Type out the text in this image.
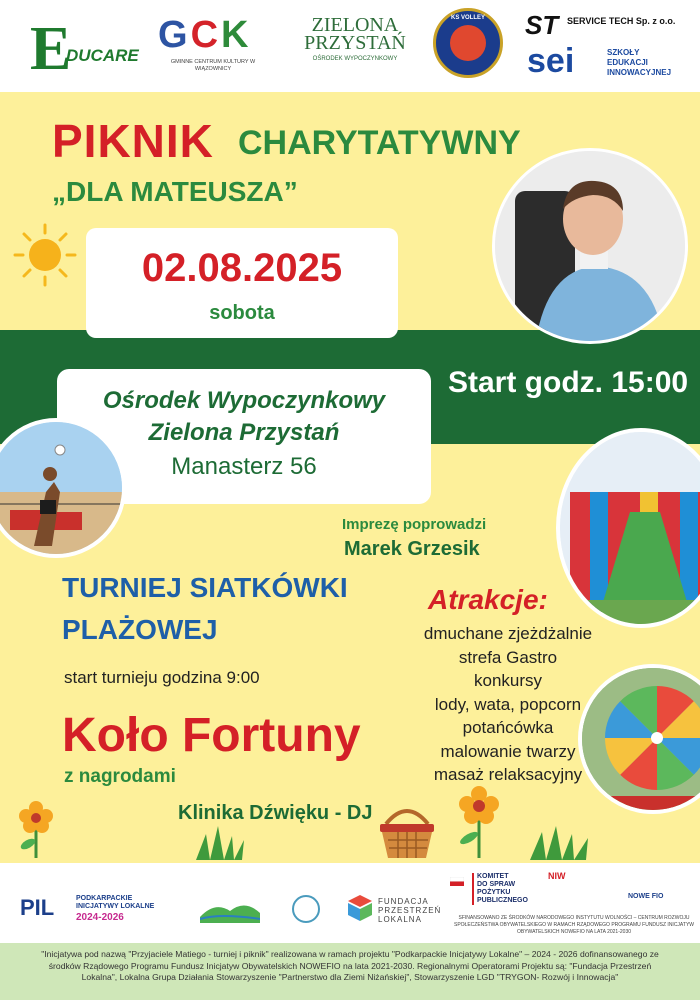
E
DUCARE GCK
GMINNE CENTRUM KULTURY W WIĄZOWNICY
ZIELONA
PRZYSTAŃ
OŚRODEK WYPOCZYNKOWY
KS VOLLEY	ST SERVICE TECH Sp. z o.o.
sei	SZKOŁY
EDUKACJI
INNOWACYJNEJ
PIKNIK CHARYTATYWNY
„DLA MATEUSZA”
02.08.2025
sobota
Start godz. 15:00
Ośrodek Wypoczynkowy
Zielona Przystań
Manasterz 56
Imprezę poprowadzi
Marek Grzesik
TURNIEJ SIATKÓWKI
PLAŻOWEJ
start turnieju godzina 9:00
Atrakcje:
dmuchane zjeżdżalnie
strefa Gastro
konkursy
lody, wata, popcorn
potańcówka
malowanie twarzy
masaż relaksacyjny
Koło Fortuny
z nagrodami
Klinika Dźwięku - DJ
PIL	PODKARPACKIE
INICJATYWY LOKALNE
2024-2026
FUNDACJA
PRZESTRZEŃ
LOKALNA
KOMITET
DO SPRAW
POŻYTKU
PUBLICZNEGO
NIW
NOWE FIO
SFINANSOWANO ZE ŚRODKÓW NARODOWEGO INSTYTUTU WOLNOŚCI – CENTRUM ROZWOJU SPOŁECZEŃSTWA OBYWATELSKIEGO W RAMACH RZĄDOWEGO PROGRAMU FUNDUSZ INICJATYW OBYWATELSKICH NOWEFIO NA LATA 2021-2030
"Inicjatywa pod nazwą "Przyjaciele Matiego - turniej i piknik" realizowana w ramach projektu "Podkarpackie Inicjatywy Lokalne" – 2024 - 2026 dofinansowanego ze środków Rządowego Programu Fundusz Inicjatyw Obywatelskich NOWEFIO na lata 2021-2030. Regionalnymi Operatorami Projektu są: "Fundacja Przestrzeń Lokalna", Lokalna Grupa Działania Stowarzyszenie "Partnerstwo dla Ziemi Niżańskiej", Stowarzyszenie LGD "TRYGON- Rozwój i Innowacja"
